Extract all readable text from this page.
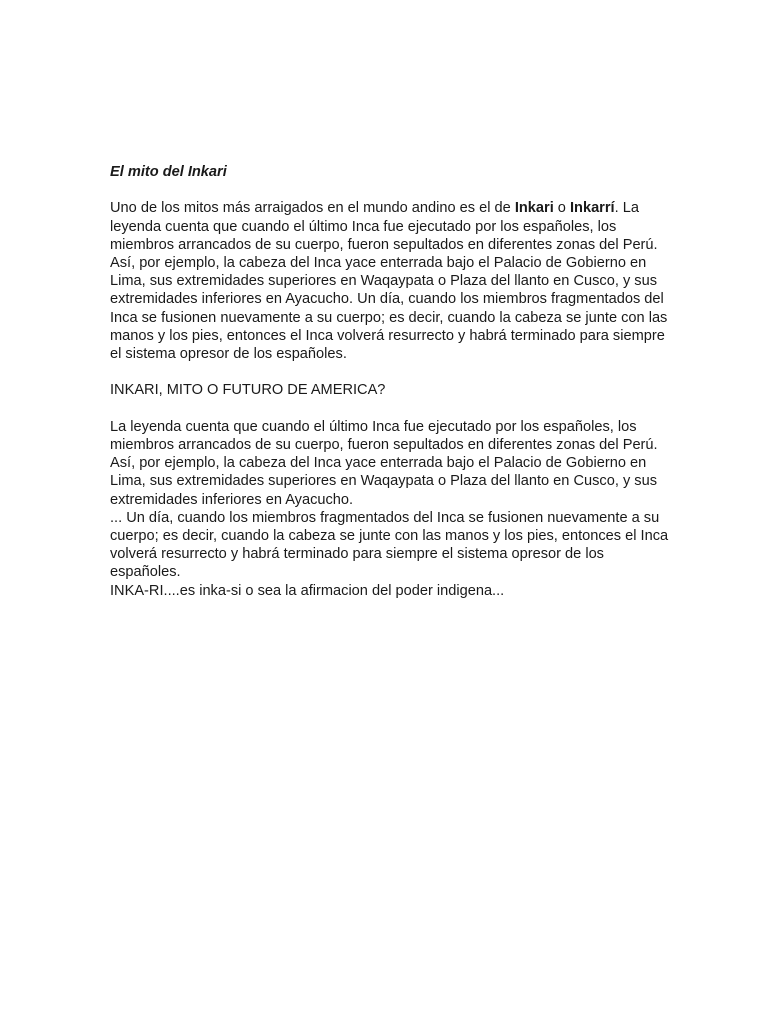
El mito del Inkari

Uno de los mitos más arraigados en el mundo andino es el de Inkari o Inkarrí. La leyenda cuenta que cuando el último Inca fue ejecutado por los españoles, los miembros arrancados de su cuerpo, fueron sepultados en diferentes zonas del Perú. Así, por ejemplo, la cabeza del Inca yace enterrada bajo el Palacio de Gobierno en Lima, sus extremidades superiores en Waqaypata o Plaza del llanto en Cusco, y sus extremidades inferiores en Ayacucho. Un día, cuando los miembros fragmentados del Inca se fusionen nuevamente a su cuerpo; es decir, cuando la cabeza se junte con las manos y los pies, entonces el Inca volverá resurrecto y habrá terminado para siempre el sistema opresor de los españoles.

INKARI, MITO O FUTURO DE AMERICA?

La leyenda cuenta que cuando el último Inca fue ejecutado por los españoles, los miembros arrancados de su cuerpo, fueron sepultados en diferentes zonas del Perú. Así, por ejemplo, la cabeza del Inca yace enterrada bajo el Palacio de Gobierno en Lima, sus extremidades superiores en Waqaypata o Plaza del llanto en Cusco, y sus extremidades inferiores en Ayacucho.

... Un día, cuando los miembros fragmentados del Inca se fusionen nuevamente a su cuerpo; es decir, cuando la cabeza se junte con las manos y los pies, entonces el Inca volverá resurrecto y habrá terminado para siempre el sistema opresor de los españoles.

INKA-RI....es inka-si o sea la afirmacion del poder indigena...
